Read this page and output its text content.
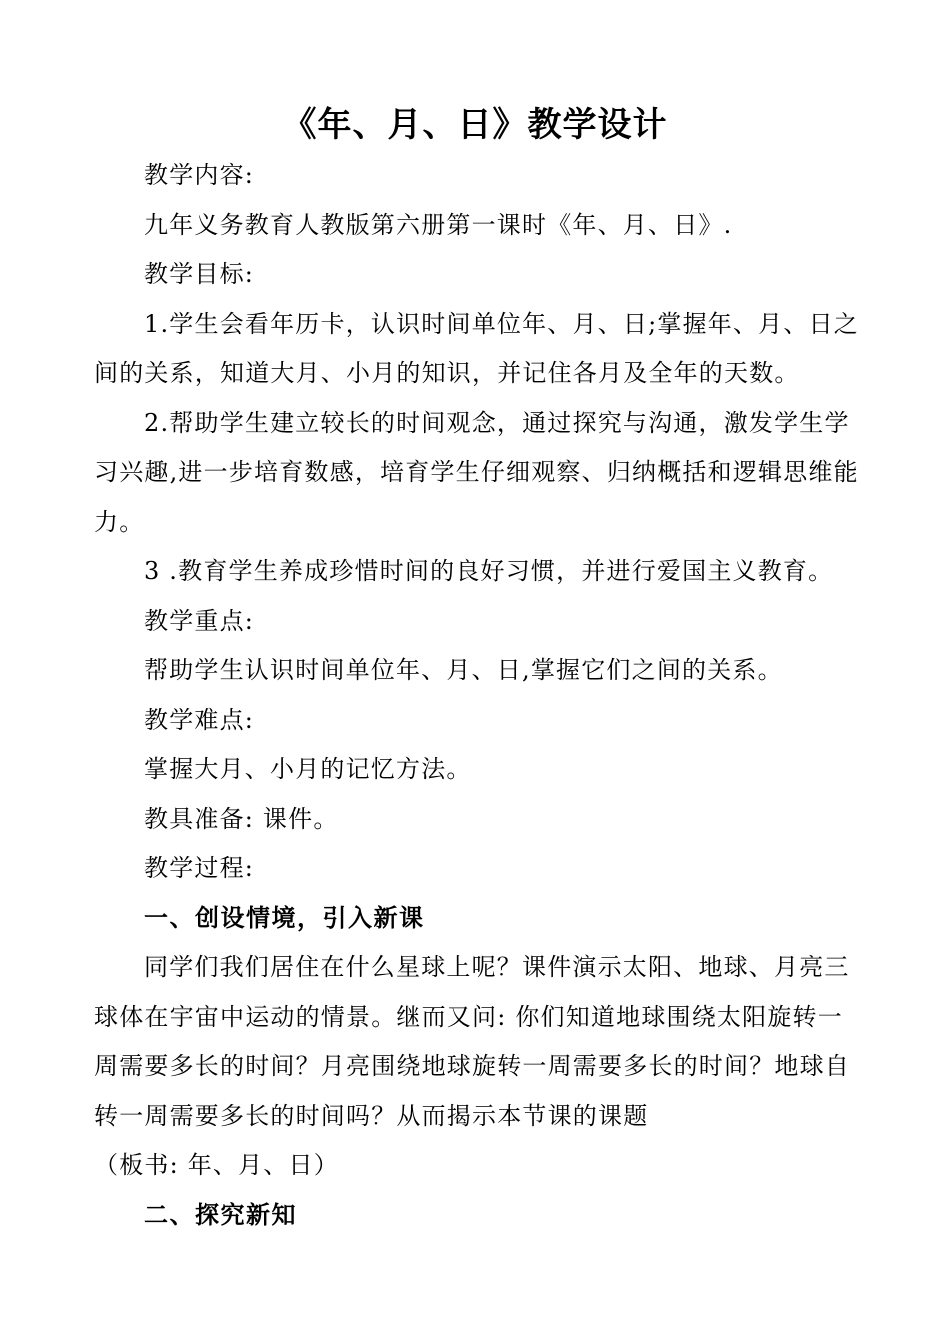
《年、月、日》教学设计

教学内容:

九年义务教育人教版第六册第一课时《年、月、日》.

教学目标:

1.学生会看年历卡，认识时间单位年、月、日;掌握年、月、日之间的关系，知道大月、小月的知识，并记住各月及全年的天数。

2.帮助学生建立较长的时间观念，通过探究与沟通，激发学生学习兴趣,进一步培育数感，培育学生仔细观察、归纳概括和逻辑思维能力。

3 .教育学生养成珍惜时间的良好习惯，并进行爱国主义教育。

教学重点:

帮助学生认识时间单位年、月、日,掌握它们之间的关系。

教学难点:

掌握大月、小月的记忆方法。

教具准备: 课件。

教学过程:

一、创设情境，引入新课

同学们我们居住在什么星球上呢？课件演示太阳、地球、月亮三球体在宇宙中运动的情景。继而又问: 你们知道地球围绕太阳旋转一周需要多长的时间？月亮围绕地球旋转一周需要多长的时间？地球自转一周需要多长的时间吗？从而揭示本节课的课题

（板书: 年、月、日）

二、探究新知
